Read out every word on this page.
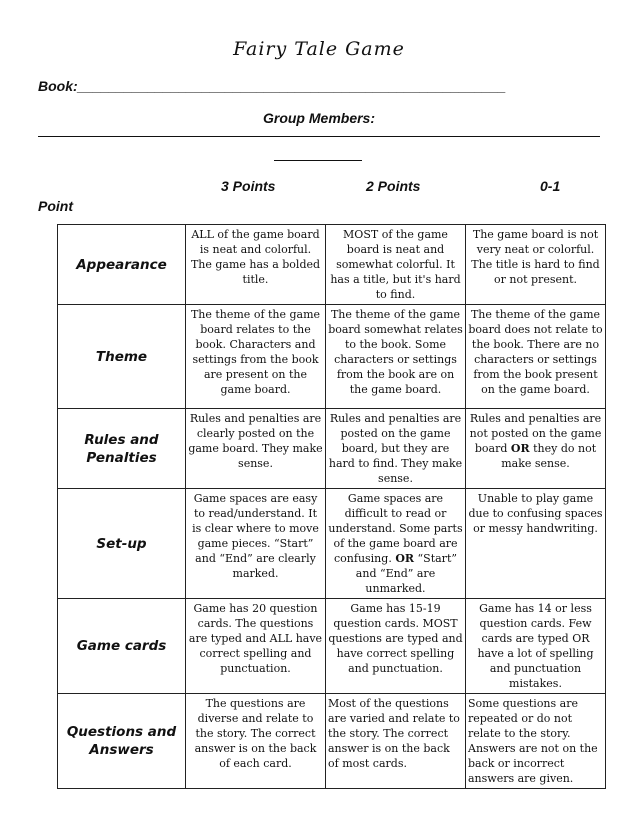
Fairy Tale Game
Book:_______________________________________________________
Group Members:
3 Points	2 Points	0-1
Point
Appearance	ALL of the game board is neat and colorful. The game has a bolded title.	MOST of the game board is neat and somewhat colorful. It has a title, but it's hard to find.	The game board is not very neat or colorful. The title is hard to find or not present.
Theme	The theme of the game board relates to the book. Characters and settings from the book are present on the game board.	The theme of the game board somewhat relates to the book. Some characters or settings from the book are on the game board.	The theme of the game board does not relate to the book. There are no characters or settings from the book present on the game board.
Rules and Penalties	Rules and penalties are clearly posted on the game board. They make sense.	Rules and penalties are posted on the game board, but they are hard to find. They make sense.	Rules and penalties are not posted on the game board OR they do not make sense.
Set-up	Game spaces are easy to read/understand. It is clear where to move game pieces. “Start” and “End” are clearly marked.	Game spaces are difficult to read or understand. Some parts of the game board are confusing. OR “Start” and “End” are unmarked.	Unable to play game due to confusing spaces or messy handwriting.
Game cards	Game has 20 question cards. The questions are typed and ALL have correct spelling and punctuation.	Game has 15-19 question cards. MOST questions are typed and have correct spelling and punctuation.	Game has 14 or less question cards. Few cards are typed OR have a lot of spelling and punctuation mistakes.
Questions and Answers	The questions are diverse and relate to the story. The correct answer is on the back of each card.	Most of the questions are varied and relate to the story. The correct answer is on the back of most cards.	Some questions are repeated or do not relate to the story. Answers are not on the back or incorrect answers are given.
